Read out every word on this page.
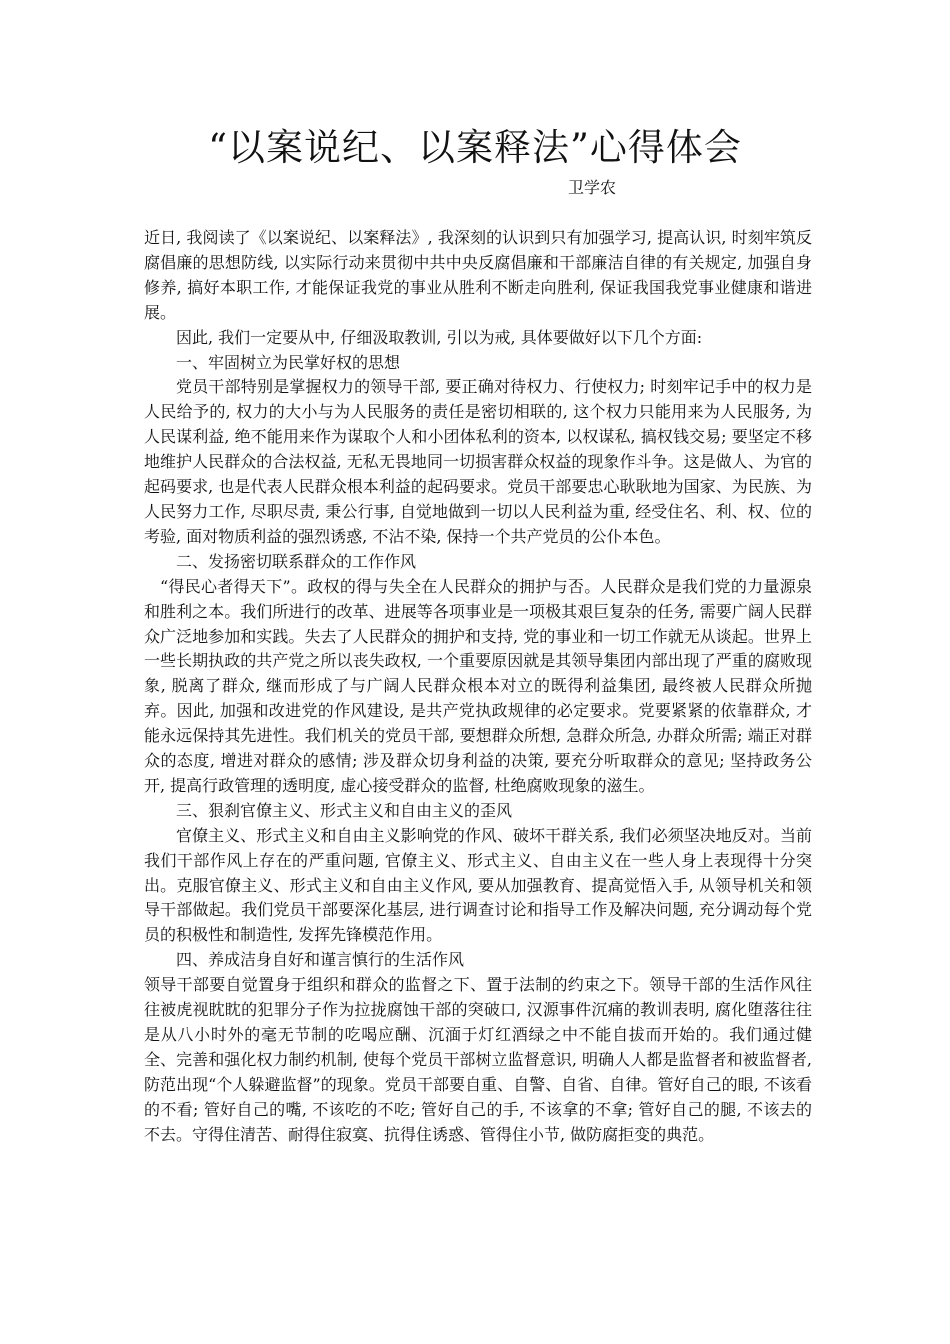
“以案说纪、以案释法”心得体会
卫学农

近日, 我阅读了《以案说纪、以案释法》, 我深刻的认识到只有加强学习, 提高认识, 时刻牢筑反腐倡廉的思想防线, 以实际行动来贯彻中共中央反腐倡廉和干部廉洁自律的有关规定, 加强自身修养, 搞好本职工作, 才能保证我党的事业从胜利不断走向胜利, 保证我国我党事业健康和谐进展。

因此, 我们一定要从中, 仔细汲取教训, 引以为戒, 具体要做好以下几个方面:

一、牢固树立为民掌好权的思想

党员干部特别是掌握权力的领导干部, 要正确对待权力、行使权力; 时刻牢记手中的权力是人民给予的, 权力的大小与为人民服务的责任是密切相联的, 这个权力只能用来为人民服务, 为人民谋利益, 绝不能用来作为谋取个人和小团体私利的资本, 以权谋私, 搞权钱交易; 要坚定不移地维护人民群众的合法权益, 无私无畏地同一切损害群众权益的现象作斗争。这是做人、为官的起码要求, 也是代表人民群众根本利益的起码要求。党员干部要忠心耿耿地为国家、为民族、为人民努力工作, 尽职尽责, 秉公行事, 自觉地做到一切以人民利益为重, 经受住名、利、权、位的考验, 面对物质利益的强烈诱惑, 不沾不染, 保持一个共产党员的公仆本色。

二、发扬密切联系群众的工作作风

“得民心者得天下”。政权的得与失全在人民群众的拥护与否。人民群众是我们党的力量源泉和胜利之本。我们所进行的改革、进展等各项事业是一项极其艰巨复杂的任务, 需要广阔人民群众广泛地参加和实践。失去了人民群众的拥护和支持, 党的事业和一切工作就无从谈起。世界上一些长期执政的共产党之所以丧失政权, 一个重要原因就是其领导集团内部出现了严重的腐败现象, 脱离了群众, 继而形成了与广阔人民群众根本对立的既得利益集团, 最终被人民群众所抛弃。因此, 加强和改进党的作风建设, 是共产党执政规律的必定要求。党要紧紧的依靠群众, 才能永远保持其先进性。我们机关的党员干部, 要想群众所想, 急群众所急, 办群众所需; 端正对群众的态度, 增进对群众的感情; 涉及群众切身利益的决策, 要充分听取群众的意见; 坚持政务公开, 提高行政管理的透明度, 虚心接受群众的监督, 杜绝腐败现象的滋生。

三、狠刹官僚主义、形式主义和自由主义的歪风

官僚主义、形式主义和自由主义影响党的作风、破坏干群关系, 我们必须坚决地反对。当前我们干部作风上存在的严重问题, 官僚主义、形式主义、自由主义在一些人身上表现得十分突出。克服官僚主义、形式主义和自由主义作风, 要从加强教育、提高觉悟入手, 从领导机关和领导干部做起。我们党员干部要深化基层, 进行调查讨论和指导工作及解决问题, 充分调动每个党员的积极性和制造性, 发挥先锋模范作用。

四、养成洁身自好和谨言慎行的生活作风

领导干部要自觉置身于组织和群众的监督之下、置于法制的约束之下。领导干部的生活作风往往被虎视眈眈的犯罪分子作为拉拢腐蚀干部的突破口, 汉源事件沉痛的教训表明, 腐化堕落往往是从八小时外的毫无节制的吃喝应酬、沉湎于灯红酒绿之中不能自拔而开始的。我们通过健全、完善和强化权力制约机制, 使每个党员干部树立监督意识, 明确人人都是监督者和被监督者, 防范出现“个人躲避监督”的现象。党员干部要自重、自警、自省、自律。管好自己的眼, 不该看的不看; 管好自己的嘴, 不该吃的不吃; 管好自己的手, 不该拿的不拿; 管好自己的腿, 不该去的不去。守得住清苦、耐得住寂寞、抗得住诱惑、管得住小节, 做防腐拒变的典范。
